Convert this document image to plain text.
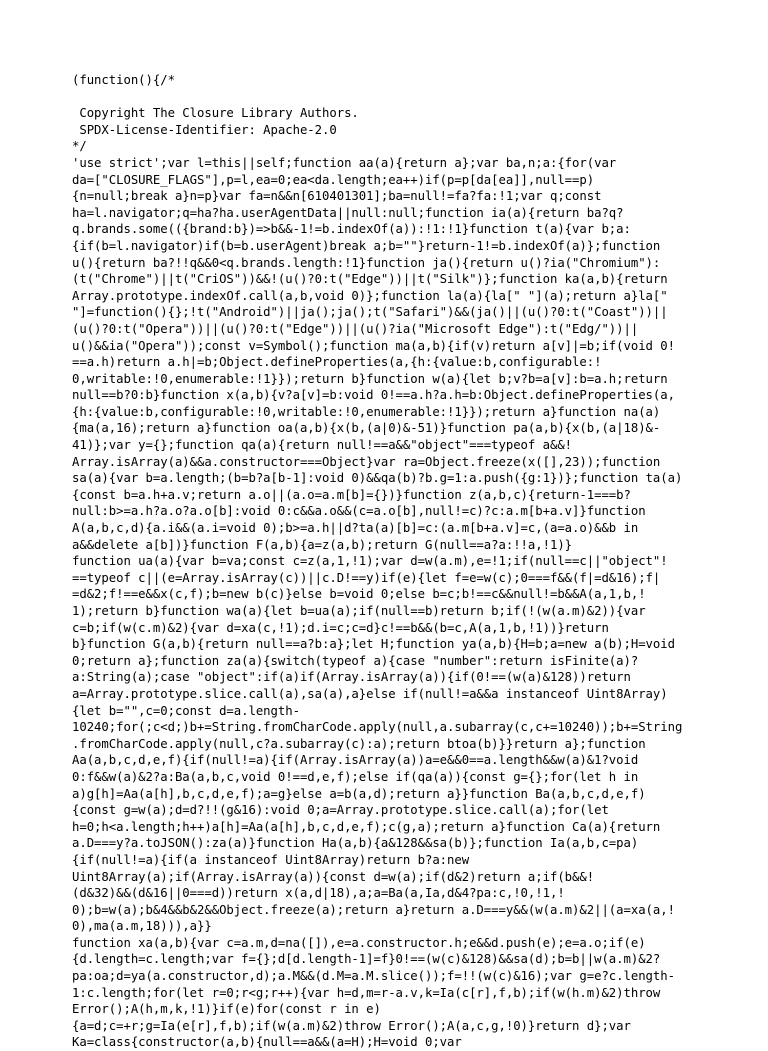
(function(){/*
Copyright The Closure Library Authors.
SPDX-License-Identifier: Apache-2.0
*/
'use strict';var l=this||self;function aa(a){return a};var ba,n;a:{for(var
da=["CLOSURE_FLAGS"],p=l,ea=0;ea<da.length;ea++)if(p=p[da[ea]],null==p)
{n=null;break a}n=p}var fa=n&&n[610401301];ba=null!=fa?fa:!1;var q;const
ha=l.navigator;q=ha?ha.userAgentData||null:null;function ia(a){return ba?q?
q.brands.some(({brand:b})=>b&&-1!=b.indexOf(a)):!1:!1}function t(a){var b;a:
{if(b=l.navigator)if(b=b.userAgent)break a;b=""}return-1!=b.indexOf(a)};function
u(){return ba?!!q&&0<q.brands.length:!1}function ja(){return u()?ia("Chromium"):
(t("Chrome")||t("CriOS"))&&!(u()?0:t("Edge"))||t("Silk")};function ka(a,b){return
Array.prototype.indexOf.call(a,b,void 0)};function la(a){la[" "](a);return a}la["
"]=function(){};!t("Android")||ja();ja();t("Safari")&&(ja()||(u()?0:t("Coast"))||
(u()?0:t("Opera"))||(u()?0:t("Edge"))||(u()?ia("Microsoft Edge"):t("Edg/"))||
u()&&ia("Opera"));const v=Symbol();function ma(a,b){if(v)return a[v]|=b;if(void 0!
==a.h)return a.h|=b;Object.defineProperties(a,{h:{value:b,configurable:!
0,writable:!0,enumerable:!1}});return b}function w(a){let b;v?b=a[v]:b=a.h;return
null==b?0:b}function x(a,b){v?a[v]=b:void 0!==a.h?a.h=b:Object.defineProperties(a,
{h:{value:b,configurable:!0,writable:!0,enumerable:!1}});return a}function na(a)
{ma(a,16);return a}function oa(a,b){x(b,(a|0)&-51)}function pa(a,b){x(b,(a|18)&-
41)};var y={};function qa(a){return null!==a&&"object"===typeof a&&!
Array.isArray(a)&&a.constructor===Object}var ra=Object.freeze(x([],23));function
sa(a){var b=a.length;(b=b?a[b-1]:void 0)&&qa(b)?b.g=1:a.push({g:1})};function ta(a)
{const b=a.h+a.v;return a.o||(a.o=a.m[b]={})}function z(a,b,c){return-1===b?
null:b>=a.h?a.o?a.o[b]:void 0:c&&a.o&&(c=a.o[b],null!=c)?c:a.m[b+a.v]}function
A(a,b,c,d){a.i&&(a.i=void 0);b>=a.h||d?ta(a)[b]=c:(a.m[b+a.v]=c,(a=a.o)&&b in
a&&delete a[b])}function F(a,b){a=z(a,b);return G(null==a?a:!!a,!1)}
function ua(a){var b=va;const c=z(a,1,!1);var d=w(a.m),e=!1;if(null==c||"object"!
==typeof c||(e=Array.isArray(c))||c.D!==y)if(e){let f=e=w(c);0===f&&(f|=d&16);f|
=d&2;f!==e&&x(c,f);b=new b(c)}else b=void 0;else b=c;b!==c&&null!=b&&A(a,1,b,!
1);return b}function wa(a){let b=ua(a);if(null==b)return b;if(!(w(a.m)&2)){var
c=b;if(w(c.m)&2){var d=xa(c,!1);d.i=c;c=d}c!==b&&(b=c,A(a,1,b,!1))}return
b}function G(a,b){return null==a?b:a};let H;function ya(a,b){H=b;a=new a(b);H=void
0;return a};function za(a){switch(typeof a){case "number":return isFinite(a)?
a:String(a);case "object":if(a)if(Array.isArray(a)){if(0!==(w(a)&128))return
a=Array.prototype.slice.call(a),sa(a),a}else if(null!=a&&a instanceof Uint8Array)
{let b="",c=0;const d=a.length-
10240;for(;c<d;)b+=String.fromCharCode.apply(null,a.subarray(c,c+=10240));b+=String
.fromCharCode.apply(null,c?a.subarray(c):a);return btoa(b)}}return a};function
Aa(a,b,c,d,e,f){if(null!=a){if(Array.isArray(a))a=e&&0==a.length&&w(a)&1?void
0:f&&w(a)&2?a:Ba(a,b,c,void 0!==d,e,f);else if(qa(a)){const g={};for(let h in
a)g[h]=Aa(a[h],b,c,d,e,f);a=g}else a=b(a,d);return a}}function Ba(a,b,c,d,e,f)
{const g=w(a);d=d?!!(g&16):void 0;a=Array.prototype.slice.call(a);for(let
h=0;h<a.length;h++)a[h]=Aa(a[h],b,c,d,e,f);c(g,a);return a}function Ca(a){return
a.D===y?a.toJSON():za(a)}function Ha(a,b){a&128&&sa(b)};function Ia(a,b,c=pa)
{if(null!=a){if(a instanceof Uint8Array)return b?a:new
Uint8Array(a);if(Array.isArray(a)){const d=w(a);if(d&2)return a;if(b&&!
(d&32)&&(d&16||0===d))return x(a,d|18),a;a=Ba(a,Ia,d&4?pa:c,!0,!1,!
0);b=w(a);b&4&&b&2&&Object.freeze(a);return a}return a.D===y&&(w(a.m)&2||(a=xa(a,!
0),ma(a.m,18))),a}}
function xa(a,b){var c=a.m,d=na([]),e=a.constructor.h;e&&d.push(e);e=a.o;if(e)
{d.length=c.length;var f={};d[d.length-1]=f}0!==(w(c)&128)&&sa(d);b=b||w(a.m)&2?
pa:oa;d=ya(a.constructor,d);a.M&&(d.M=a.M.slice());f=!!(w(c)&16);var g=e?c.length-
1:c.length;for(let r=0;r<g;r++){var h=d,m=r-a.v,k=Ia(c[r],f,b);if(w(h.m)&2)throw
Error();A(h,m,k,!1)}if(e)for(const r in e)
{a=d;c=+r;g=Ia(e[r],f,b);if(w(a.m)&2)throw Error();A(a,c,g,!0)}return d};var
Ka=class{constructor(a,b){null==a&&(a=H);H=void 0;var
